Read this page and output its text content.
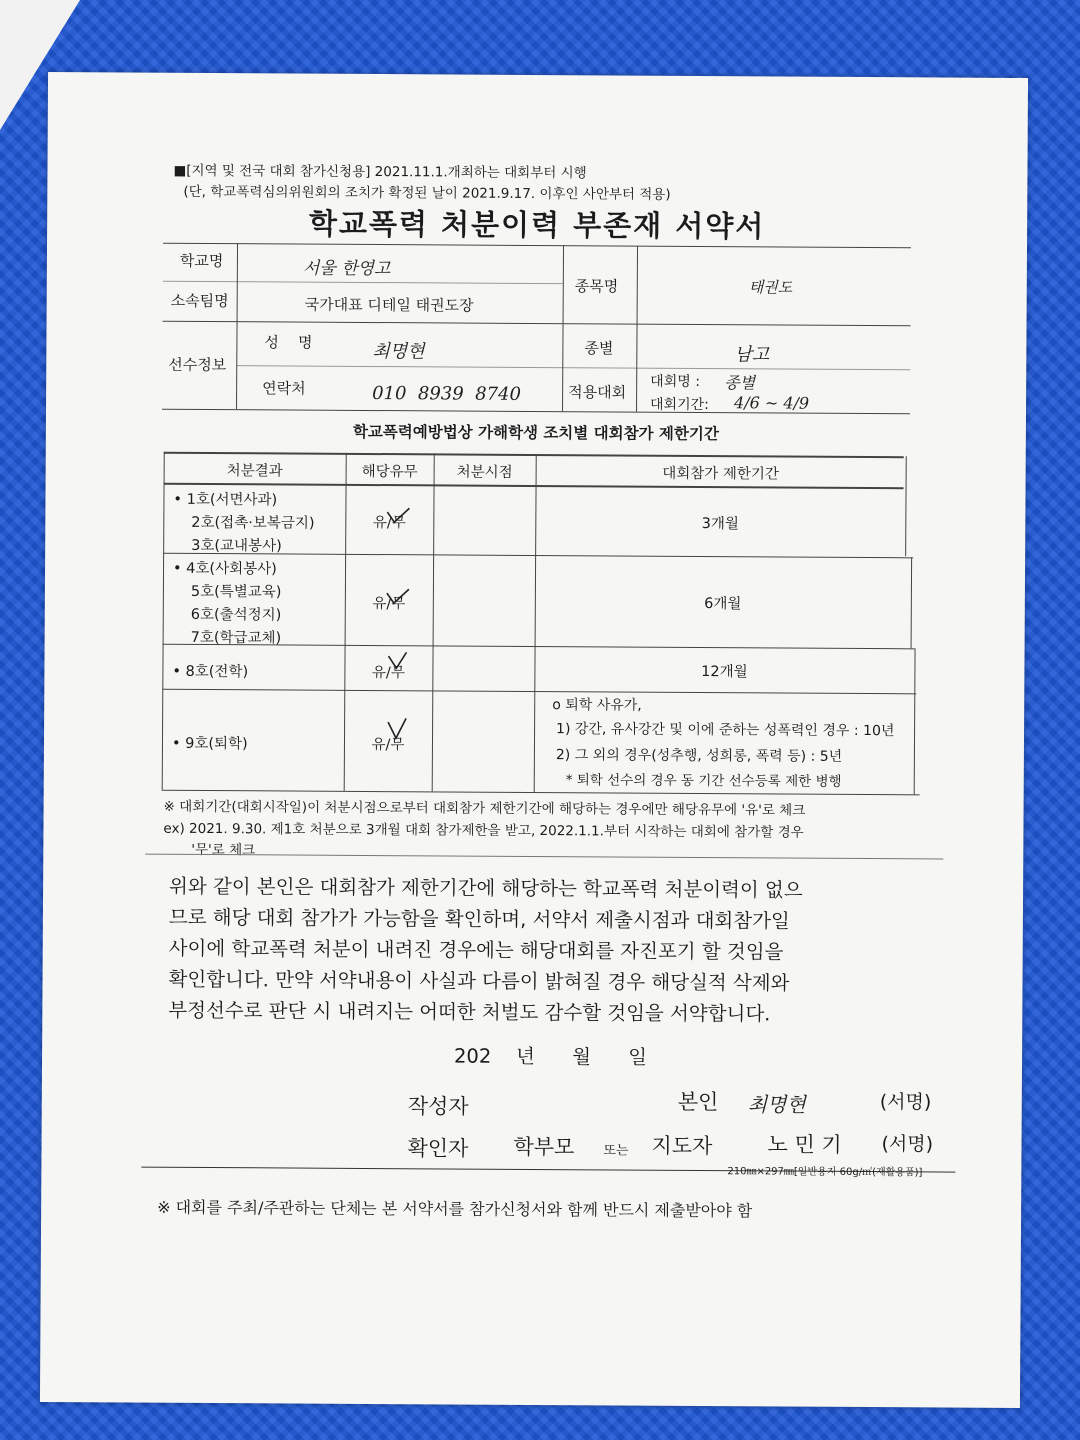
■[지역 및 전국 대회 참가신청용] 2021.11.1.개최하는 대회부터 시행
(단, 학교폭력심의위원회의 조치가 확정된 날이 2021.9.17. 이후인 사안부터 적용)
학교폭력 처분이력 부존재 서약서
학교명	서울 한영고
소속팀명	국가대표 디테일 태권도장
종목명	태권도
선수정보
성    명	최명현	종별	남고
연락처	010  8939  8740	적용대회
대회명 : 종별
대회기간: 4/6 ~ 4/9
학교폭력예방법상 가해학생 조치별 대회참가 제한기간
처분결과	해당유무	처분시점	대회참가 제한기간
• 1호(서면사과)
2호(접촉·보복금지)
3호(교내봉사)
유/무	3개월
• 4호(사회봉사)
5호(특별교육)
6호(출석정지)
7호(학급교체)
유/무	6개월
• 8호(전학)	유/무	12개월
• 9호(퇴학)	유/무
o 퇴학 사유가,
1) 강간, 유사강간 및 이에 준하는 성폭력인 경우 : 10년
2) 그 외의 경우(성추행, 성희롱, 폭력 등) : 5년
* 퇴학 선수의 경우 동 기간 선수등록 제한 병행
※ 대회기간(대회시작일)이 처분시점으로부터 대회참가 제한기간에 해당하는 경우에만 해당유무에 '유'로 체크
ex) 2021. 9.30. 제1호 처분으로 3개월 대회 참가제한을 받고, 2022.1.1.부터 시작하는 대회에 참가할 경우
'무'로 체크
위와 같이 본인은 대회참가 제한기간에 해당하는 학교폭력 처분이력이 없으
므로 해당 대회 참가가 가능함을 확인하며, 서약서 제출시점과 대회참가일
사이에 학교폭력 처분이 내려진 경우에는 해당대회를 자진포기 할 것임을
확인합니다. 만약 서약내용이 사실과 다름이 밝혀질 경우 해당실적 삭제와
부정선수로 판단 시 내려지는 어떠한 처벌도 감수할 것임을 서약합니다.
202    년      월      일
작성자	본인 최명현	(서명)
확인자 학부모 또는 지도자	노 민 기 (서명)
210㎜×297㎜[일반용지 60g/㎡(재활용품)]
※ 대회를 주최/주관하는 단체는 본 서약서를 참가신청서와 함께 반드시 제출받아야 함
